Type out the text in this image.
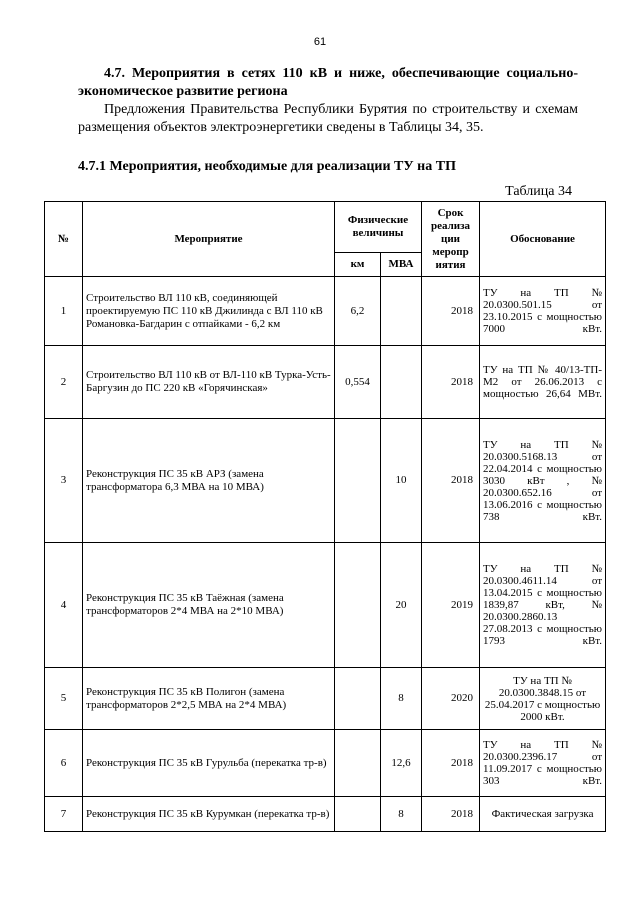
61
4.7. Мероприятия в сетях 110 кВ и ниже, обеспечивающие социально-экономическое развитие региона
Предложения Правительства Республики Бурятия по строительству и схемам размещения объектов электроэнергетики сведены в Таблицы 34, 35.
4.7.1 Мероприятия, необходимые для реализации ТУ на ТП
Таблица 34
№	Мероприятие	Физические величины		Срок реализа ции меропр иятия	Обоснование
		км	МВА		
1	Строительство ВЛ 110 кВ, соединяющей проектируемую ПС 110 кВ Джилинда с ВЛ 110 кВ Романовка-Багдарин с отпайками - 6,2 км	6,2		2018	ТУ на ТП № 20.0300.501.15 от 23.10.2015 с мощностью 7000 кВт.
2	Строительство ВЛ 110 кВ от ВЛ-110 кВ Турка-Усть-Баргузин до ПС 220 кВ «Горячинская»	0,554		2018	ТУ на ТП № 40/13-ТП-М2 от 26.06.2013 с мощностью 26,64 МВт.
3	Реконструкция ПС 35 кВ АРЗ (замена трансформатора 6,3 МВА на 10 МВА)		10	2018	ТУ на ТП № 20.0300.5168.13 от 22.04.2014 с мощностью 3030 кВт , № 20.0300.652.16 от 13.06.2016 с мощностью 738 кВт.
4	Реконструкция ПС 35 кВ Таёжная (замена трансформаторов 2*4 МВА на 2*10 МВА)		20	2019	ТУ на ТП № 20.0300.4611.14 от 13.04.2015 с мощностью 1839,87 кВт, № 20.0300.2860.13 27.08.2013 с мощностью 1793 кВт.
5	Реконструкция ПС 35 кВ Полигон (замена трансформаторов 2*2,5 МВА на 2*4 МВА)		8	2020	ТУ на ТП № 20.0300.3848.15 от 25.04.2017 с мощностью 2000 кВт.
6	Реконструкция ПС 35 кВ Гурульба (перекатка тр-в)		12,6	2018	ТУ на ТП № 20.0300.2396.17 от 11.09.2017 с мощностью 303 кВт.
7	Реконструкция ПС 35 кВ Курумкан (перекатка тр-в)		8	2018	Фактическая загрузка
